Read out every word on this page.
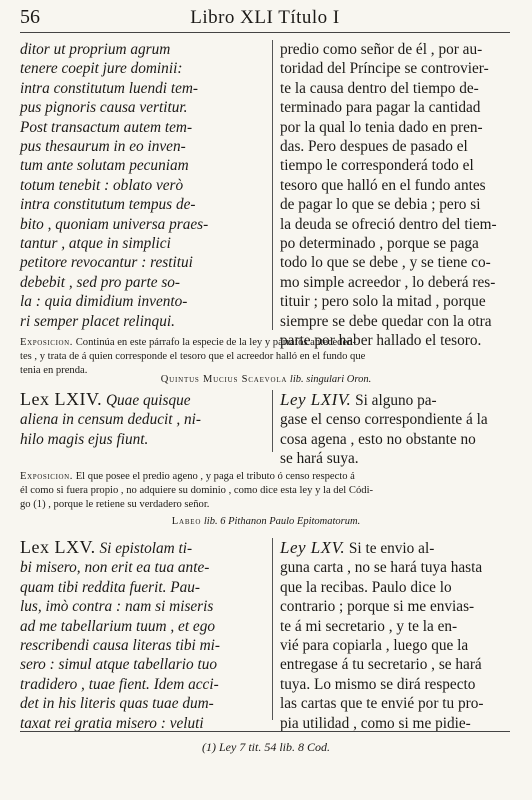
56	Libro XLI Título I

ditor ut proprium agrum

tenere coepit jure dominii:

intra constitutum luendi tem-

pus pignoris causa vertitur.

Post transactum autem tem-

pus thesaurum in eo inven-

tum ante solutam pecuniam

totum tenebit : oblato verò

intra constitutum tempus de-

bito , quoniam universa praes-

tantur , atque in simplici

petitore revocantur : restitui

debebit , sed pro parte so-

la : quia dimidium invento-

ri semper placet relinqui.

predio como señor de él , por au-

toridad del Príncipe se controvier-

te la causa dentro del tiempo de-

terminado para pagar la cantidad

por la qual lo tenia dado en pren-

das. Pero despues de pasado el

tiempo le corresponderá todo el

tesoro que halló en el fundo antes

de pagar lo que se debia ; pero si

la deuda se ofreció dentro del tiem-

po determinado , porque se paga

todo lo que se debe , y se tiene co-

mo simple acreedor , lo deberá res-

tituir ; pero solo la mitad , porque

siempre se debe quedar con la otra

parte por haber hallado el tesoro.

Exposicion. Continúa en este párrafo la especie de la ley y párrafos anteceden-

tes , y trata de á quien corresponde el tesoro que el acreedor halló en el fundo que

tenia en prenda.

Quintus Mucius Scaevola lib. singulari Oron.

Lex LXIV. Quae quisque

aliena in censum deducit , ni-

hilo magis ejus fiunt.

Ley LXIV. Si alguno pa-

gase el censo correspondiente á la

cosa agena , esto no obstante no

se hará suya.

Exposicion. El que posee el predio ageno , y paga el tributo ó censo respecto á

él como si fuera propio , no adquiere su dominio , como dice esta ley y la del Códi-

go (1) , porque le retiene su verdadero señor.

Labeo lib. 6 Pithanon Paulo Epitomatorum.

Lex LXV. Si epistolam ti-

bi misero, non erit ea tua ante-

quam tibi reddita fuerit. Pau-

lus, imò contra : nam si miseris

ad me tabellarium tuum , et ego

rescribendi causa literas tibi mi-

sero : simul atque tabellario tuo

tradidero , tuae fient. Idem acci-

det in his literis quas tuae dum-

taxat rei gratia misero : veluti

Ley LXV. Si te envio al-

guna carta , no se hará tuya hasta

que la recibas. Paulo dice lo

contrario ; porque si me envias-

te á mi secretario , y te la en-

vié para copiarla , luego que la

entregase á tu secretario , se hará

tuya. Lo mismo se dirá respecto

las cartas que te envié por tu pro-

pia utilidad , como si me pidie-

(1) Ley 7 tit. 54 lib. 8 Cod.
